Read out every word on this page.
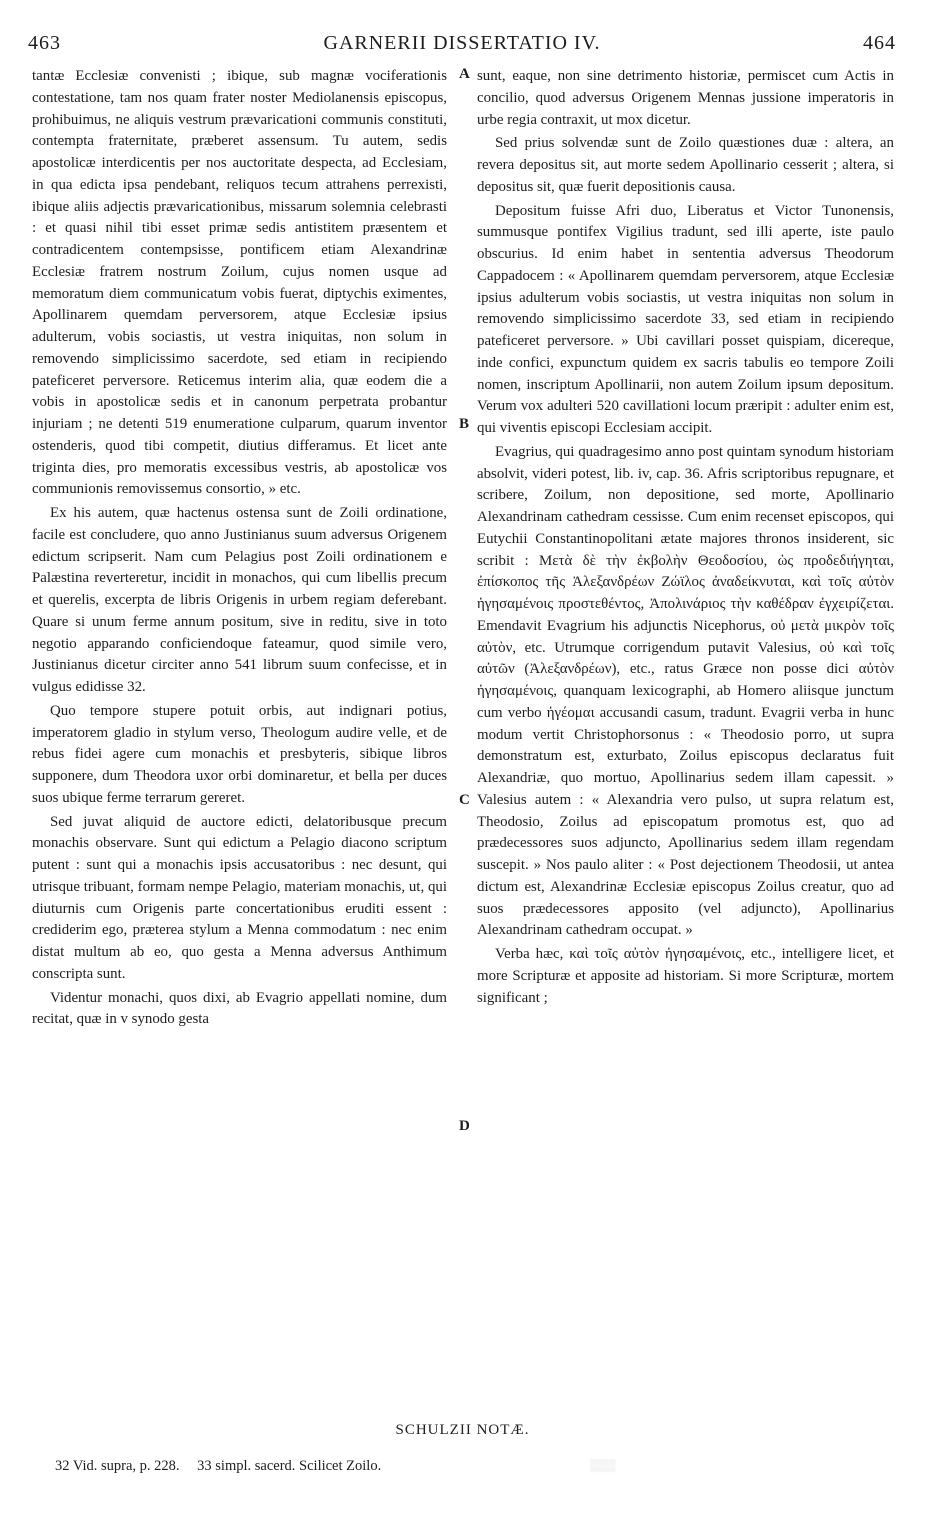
463	GARNERII DISSERTATIO IV.	464

tantæ Ecclesiæ convenisti ; ibique, sub magnæ vociferationis contestatione, tam nos quam frater noster Mediolanensis episcopus, prohibuimus, ne aliquis vestrum prævaricationi communis constituti, contempta fraternitate, præberet assensum. Tu autem, sedis apostolicæ interdicentis per nos auctoritate despecta, ad Ecclesiam, in qua edicta ipsa pendebant, reliquos tecum attrahens perrexisti, ibique aliis adjectis prævaricationibus, missarum solemnia celebrasti : et quasi nihil tibi esset primæ sedis antistitem præsentem et contradicentem contempsisse, pontificem etiam Alexandrinæ Ecclesiæ fratrem nostrum Zoilum, cujus nomen usque ad memoratum diem communicatum vobis fuerat, diptychis eximentes, Apollinarem quemdam perversorem, atque Ecclesiæ ipsius adulterum, vobis sociastis, ut vestra iniquitas, non solum in removendo simplicissimo sacerdote, sed etiam in recipiendo pateficeret perversore. Reticemus interim alia, quæ eodem die a vobis in apostolicæ sedis et in canonum perpetrata probantur injuriam ; ne detenti 519 enumeratione culparum, quarum inventor ostenderis, quod tibi competit, diutius differamus. Et licet ante triginta dies, pro memoratis excessibus vestris, ab apostolicæ vos communionis removissemus consortio, » etc.

Ex his autem, quæ hactenus ostensa sunt de Zoili ordinatione, facile est concludere, quo anno Justinianus suum adversus Origenem edictum scripserit. Nam cum Pelagius post Zoili ordinationem e Palæstina reverteretur, incidit in monachos, qui cum libellis precum et querelis, excerpta de libris Origenis in urbem regiam deferebant. Quare si unum ferme annum positum, sive in reditu, sive in toto negotio apparando conficiendoque fateamur, quod simile vero, Justinianus dicetur circiter anno 541 librum suum confecisse, et in vulgus edidisse 32.

Quo tempore stupere potuit orbis, aut indignari potius, imperatorem gladio in stylum verso, Theologum audire velle, et de rebus fidei agere cum monachis et presbyteris, sibique libros supponere, dum Theodora uxor orbi dominaretur, et bella per duces suos ubique ferme terrarum gereret.

Sed juvat aliquid de auctore edicti, delatoribusque precum monachis observare. Sunt qui edictum a Pelagio diacono scriptum putent : sunt qui a monachis ipsis accusatoribus : nec desunt, qui utrisque tribuant, formam nempe Pelagio, materiam monachis, ut, qui diuturnis cum Origenis parte concertationibus eruditi essent : crediderim ego, præterea stylum a Menna commodatum : nec enim distat multum ab eo, quo gesta a Menna adversus Anthimum conscripta sunt.

Videntur monachi, quos dixi, ab Evagrio appellati nomine, dum recitat, quæ in v synodo gesta

sunt, eaque, non sine detrimento historiæ, permiscet cum Actis in concilio, quod adversus Origenem Mennas jussione imperatoris in urbe regia contraxit, ut mox dicetur.

Sed prius solvendæ sunt de Zoilo quæstiones duæ : altera, an revera depositus sit, aut morte sedem Apollinario cesserit ; altera, si depositus sit, quæ fuerit depositionis causa.

Depositum fuisse Afri duo, Liberatus et Victor Tunonensis, summusque pontifex Vigilius tradunt, sed illi aperte, iste paulo obscurius. Id enim habet in sententia adversus Theodorum Cappadocem : « Apollinarem quemdam perversorem, atque Ecclesiæ ipsius adulterum vobis sociastis, ut vestra iniquitas non solum in removendo simplicissimo sacerdote 33, sed etiam in recipiendo pateficeret perversore. » Ubi cavillari posset quispiam, dicereque, inde confici, expunctum quidem ex sacris tabulis eo tempore Zoili nomen, inscriptum Apollinarii, non autem Zoilum ipsum depositum. Verum vox adulteri 520 cavillationi locum præripit : adulter enim est, qui viventis episcopi Ecclesiam accipit.

Evagrius, qui quadragesimo anno post quintam synodum historiam absolvit, videri potest, lib. iv, cap. 36. Afris scriptoribus repugnare, et scribere, Zoilum, non depositione, sed morte, Apollinario Alexandrinam cathedram cessisse. Cum enim recenset episcopos, qui Eutychii Constantinopolitani ætate majores thronos insiderent, sic scribit : Μετὰ δὲ τὴν ἐκβολὴν Θεοδοσίου, ὡς προδεδιήγηται, ἐπίσκοπος τῆς Ἀλεξανδρέων Ζώϊλος ἀναδείκνυται, καὶ τοῖς αὐτὸν ἡγησαμένοις προστεθέντος, Ἀπολινάριος τὴν καθέδραν ἐγχειρίζεται. Emendavit Evagrium his adjunctis Nicephorus, οὐ μετὰ μικρὸν τοῖς αὐτὸν, etc. Utrumque corrigendum putavit Valesius, οὐ καὶ τοῖς αὐτῶν (Ἀλεξανδρέων), etc., ratus Græce non posse dici αὐτὸν ἡγησαμένοις, quanquam lexicographi, ab Homero aliisque junctum cum verbo ἡγέομαι accusandi casum, tradunt. Evagrii verba in hunc modum vertit Christophorsonus : « Theodosio porro, ut supra demonstratum est, exturbato, Zoilus episcopus declaratus fuit Alexandriæ, quo mortuo, Apollinarius sedem illam capessit. » Valesius autem : « Alexandria vero pulso, ut supra relatum est, Theodosio, Zoilus ad episcopatum promotus est, quo ad prædecessores suos adjuncto, Apollinarius sedem illam regendam suscepit. » Nos paulo aliter : « Post dejectionem Theodosii, ut antea dictum est, Alexandrinæ Ecclesiæ episcopus Zoilus creatur, quo ad suos prædecessores apposito (vel adjuncto), Apollinarius Alexandrinam cathedram occupat. »

Verba hæc, καὶ τοῖς αὐτὸν ἡγησαμένοις, etc., intelligere licet, et more Scripturæ et apposite ad historiam. Si more Scripturæ, mortem significant ;

A
B
C
D
SCHULZII NOTÆ.
32 Vid. supra, p. 228. 33 simpl. sacerd. Scilicet Zoilo.	▒▒▒
